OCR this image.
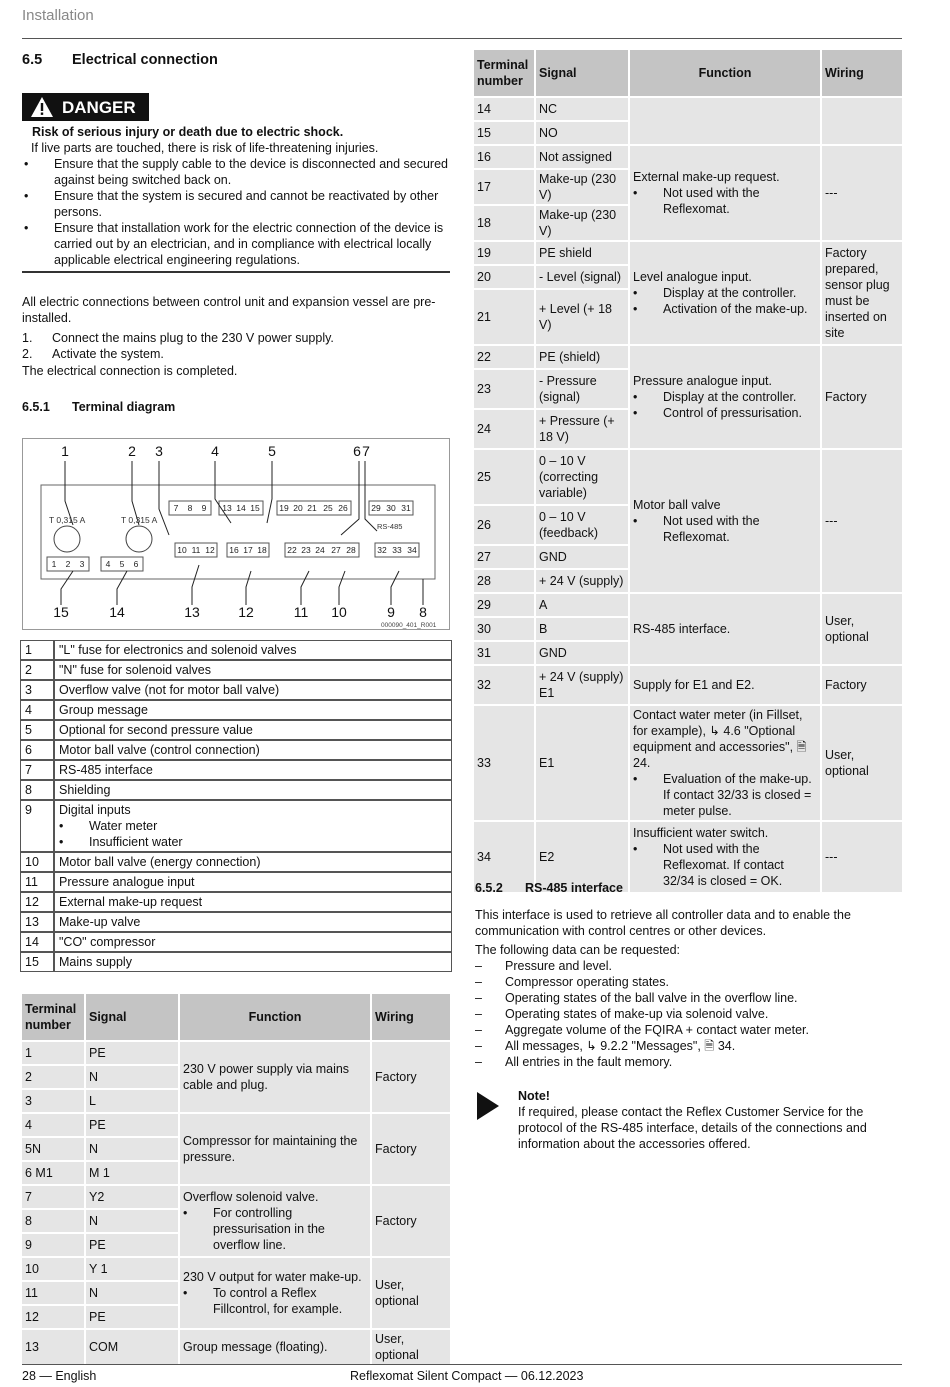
Installation
6.5 Electrical connection
DANGER
Risk of serious injury or death due to electric shock.
If live parts are touched, there is risk of life-threatening injuries.
• Ensure that the supply cable to the device is disconnected and secured against being switched back on.
• Ensure that the system is secured and cannot be reactivated by other persons.
• Ensure that installation work for the electric connection of the device is carried out by an electrician, and in compliance with electrical locally applicable electrical engineering regulations.
All electric connections between control unit and expansion vessel are pre-installed.
1. Connect the mains plug to the 230 V power supply.
2. Activate the system.
The electrical connection is completed.
6.5.1 Terminal diagram
T 0,315 A	T 0,315 A
RS-485
7 8 9 13 14 15 19 20 21 25 26	29 30 31
1 2 3	4 5 6
10 11 12 16 17 18 22 23 24 27 28	32 33 34
1	2 3	4	5	6 7
15	14	13	12	11 10	9 8
000090_401_R001
1	"L" fuse for electronics and solenoid valves
2	"N" fuse for solenoid valves
3	Overflow valve (not for motor ball valve)
4	Group message
5	Optional for second pressure value
6	Motor ball valve (control connection)
7	RS-485 interface
8	Shielding
9	Digital inputs
• Water meter
• Insufficient water

10	Motor ball valve (energy connection)
11	Pressure analogue input
12	External make-up request
13	Make-up valve
14	"CO" compressor
15	Mains supply
Terminal number	Signal	Function	Wiring
1	PE	230 V power supply via mains cable and plug.	Factory
2	N		
3	L		
4	PE	Compressor for maintaining the pressure.	Factory
5N	N		
6 M1	M 1		
7	Y2	Overflow solenoid valve.
• For controlling pressurisation in the overflow line.	Factory
8	N		
9	PE		
10	Y 1	230 V output for water make-up.
• To control a Reflex Fillcontrol, for example.	User, optional
11	N		
12	PE		
13	COM	Group message (floating).	User, optional
Terminal number	Signal	Function	Wiring
14	NC		
15	NO		
16	Not assigned	External make-up request.
• Not used with the Reflexomat.	---
17	Make-up (230 V)		
18	Make-up (230 V)		
19	PE shield	Level analogue input.
• Display at the controller.
• Activation of the make-up.	Factory prepared, sensor plug must be inserted on site
20	- Level (signal)		
21	+ Level (+ 18 V)		
22	PE (shield)	Pressure analogue input.
• Display at the controller.
• Control of pressurisation.	Factory
23	- Pressure (signal)		
24	+ Pressure (+ 18 V)		
25	0 – 10 V (correcting variable)	Motor ball valve
• Not used with the Reflexomat.	---
26	0 – 10 V (feedback)		
27	GND		
28	+ 24 V (supply)		
29	A	RS-485 interface.	User, optional
30	B		
31	GND		
32	+ 24 V (supply) E1	Supply for E1 and E2.	Factory
33	E1	Contact water meter (in Fillset, for example), ↳ 4.6 "Optional equipment and accessories", 🗎 24.
• Evaluation of the make-up. If contact 32/33 is closed = meter pulse.	User, optional
34	E2	Insufficient water switch.
• Not used with the Reflexomat. If contact 32/34 is closed = OK.	---
6.5.2 RS-485 interface
This interface is used to retrieve all controller data and to enable the communication with control centres or other devices.
The following data can be requested:
– Pressure and level.
– Compressor operating states.
– Operating states of the ball valve in the overflow line.
– Operating states of make-up via solenoid valve.
– Aggregate volume of the FQIRA + contact water meter.
– All messages, ↳ 9.2.2 "Messages", 🗎 34.
– All entries in the fault memory.
Note!
If required, please contact the Reflex Customer Service for the protocol of the RS-485 interface, details of the connections and information about the accessories offered.
28 — English	Reflexomat Silent Compact — 06.12.2023
